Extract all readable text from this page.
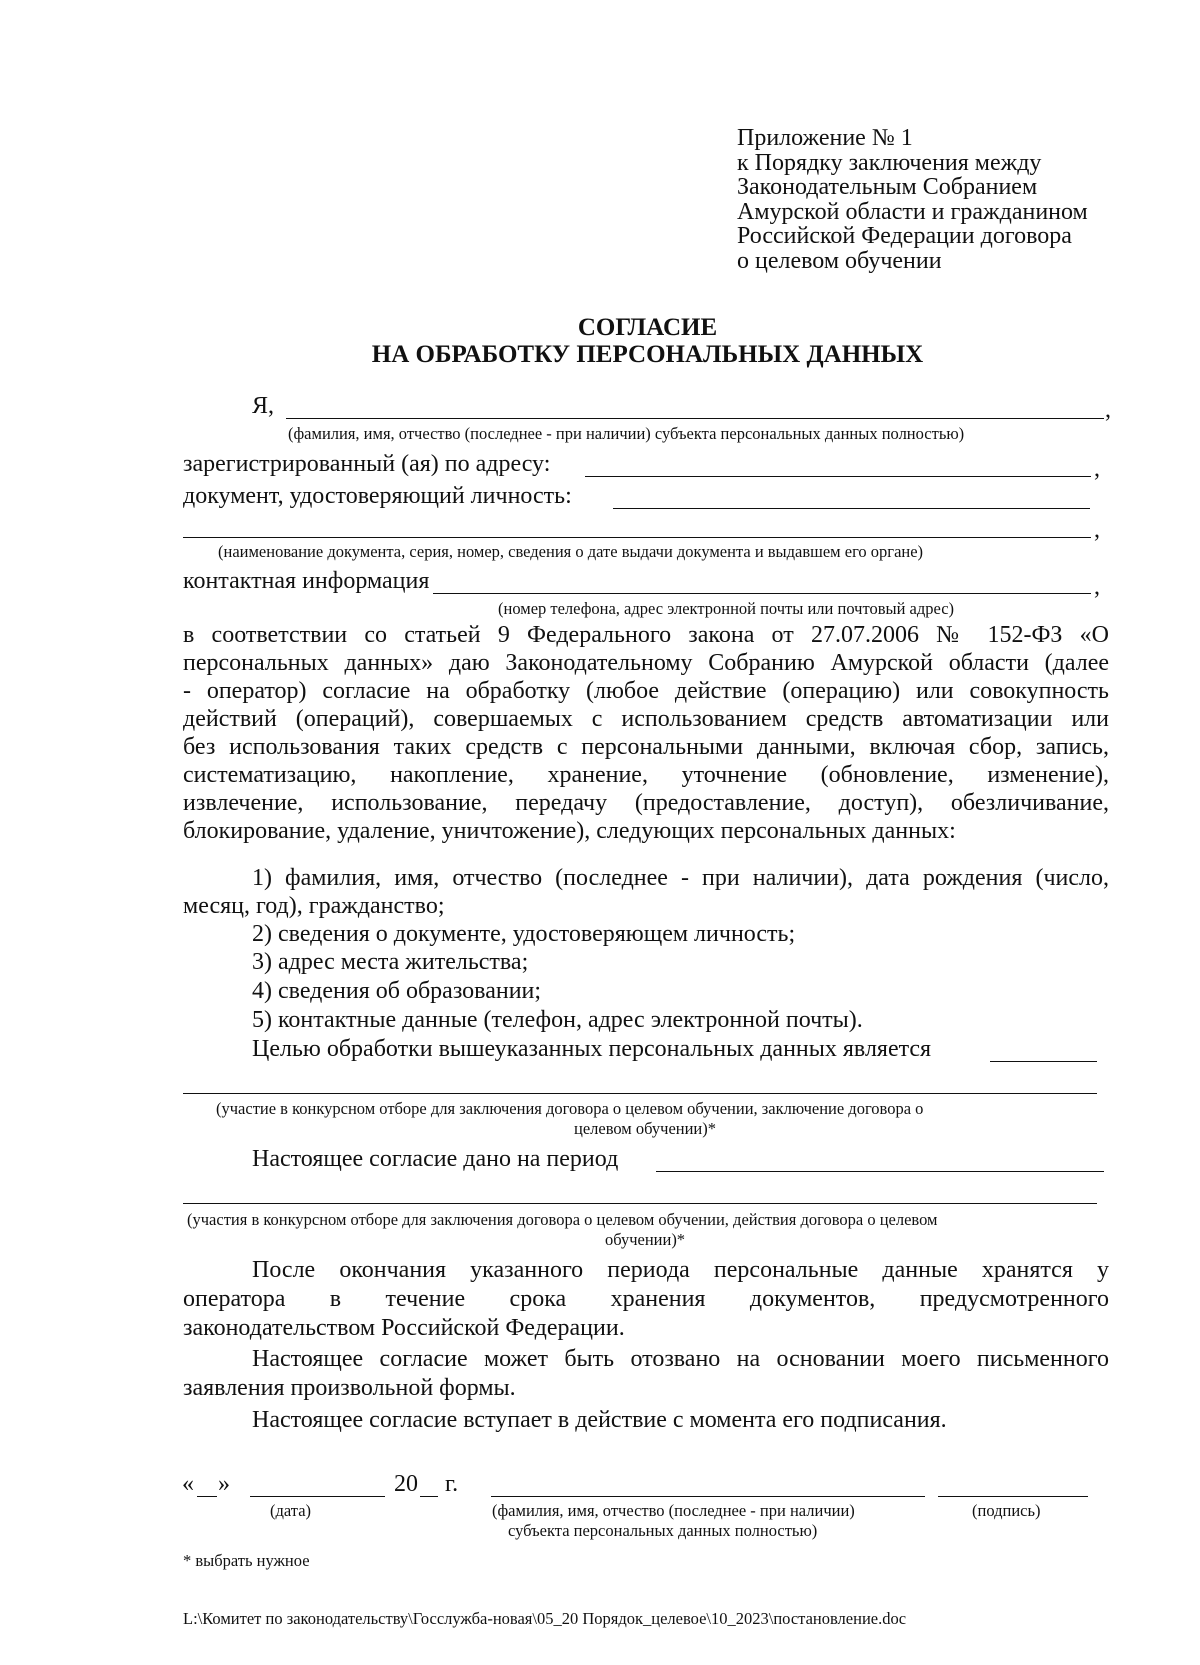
Приложение № 1
к Порядку заключения между
Законодательным Собранием
Амурской области и гражданином
Российской Федерации договора
о целевом обучении
СОГЛАСИЕ
НА ОБРАБОТКУ ПЕРСОНАЛЬНЫХ ДАННЫХ
Я,	,
(фамилия, имя, отчество (последнее - при наличии) субъекта персональных данных полностью)
зарегистрированный (ая) по адресу:	,
документ, удостоверяющий личность:
,
(наименование документа, серия, номер, сведения о дате выдачи документа и выдавшем его органе)
контактная информация	,
(номер телефона, адрес электронной почты или почтовый адрес)
в соответствии со статьей 9 Федерального закона от 27.07.2006 № 152-ФЗ «О
персональных данных» даю Законодательному Собранию Амурской области (далее
- оператор) согласие на обработку (любое действие (операцию) или совокупность
действий (операций), совершаемых с использованием средств автоматизации или
без использования таких средств с персональными данными, включая сбор, запись,
систематизацию, накопление, хранение, уточнение (обновление, изменение),
извлечение, использование, передачу (предоставление, доступ), обезличивание,
блокирование, удаление, уничтожение), следующих персональных данных:
1) фамилия, имя, отчество (последнее - при наличии), дата рождения (число,
месяц, год), гражданство;
2) сведения о документе, удостоверяющем личность;
3) адрес места жительства;
4) сведения об образовании;
5) контактные данные (телефон, адрес электронной почты).
Целью обработки вышеуказанных персональных данных является
(участие в конкурсном отборе для заключения договора о целевом обучении, заключение договора о
целевом обучении)*
Настоящее согласие дано на период
(участия в конкурсном отборе для заключения договора о целевом обучении, действия договора о целевом
обучении)*
После окончания указанного периода персональные данные хранятся у
оператора в течение срока хранения документов, предусмотренного
законодательством Российской Федерации.
Настоящее согласие может быть отозвано на основании моего письменного
заявления произвольной формы.
Настоящее согласие вступает в действие с момента его подписания.
« »	20 г.
(дата)	(фамилия, имя, отчество (последнее - при наличии)
субъекта персональных данных полностью)
(подпись)
* выбрать нужное
L:\Комитет по законодательству\Госслужба-новая\05_20 Порядок_целевое\10_2023\постановление.doc
